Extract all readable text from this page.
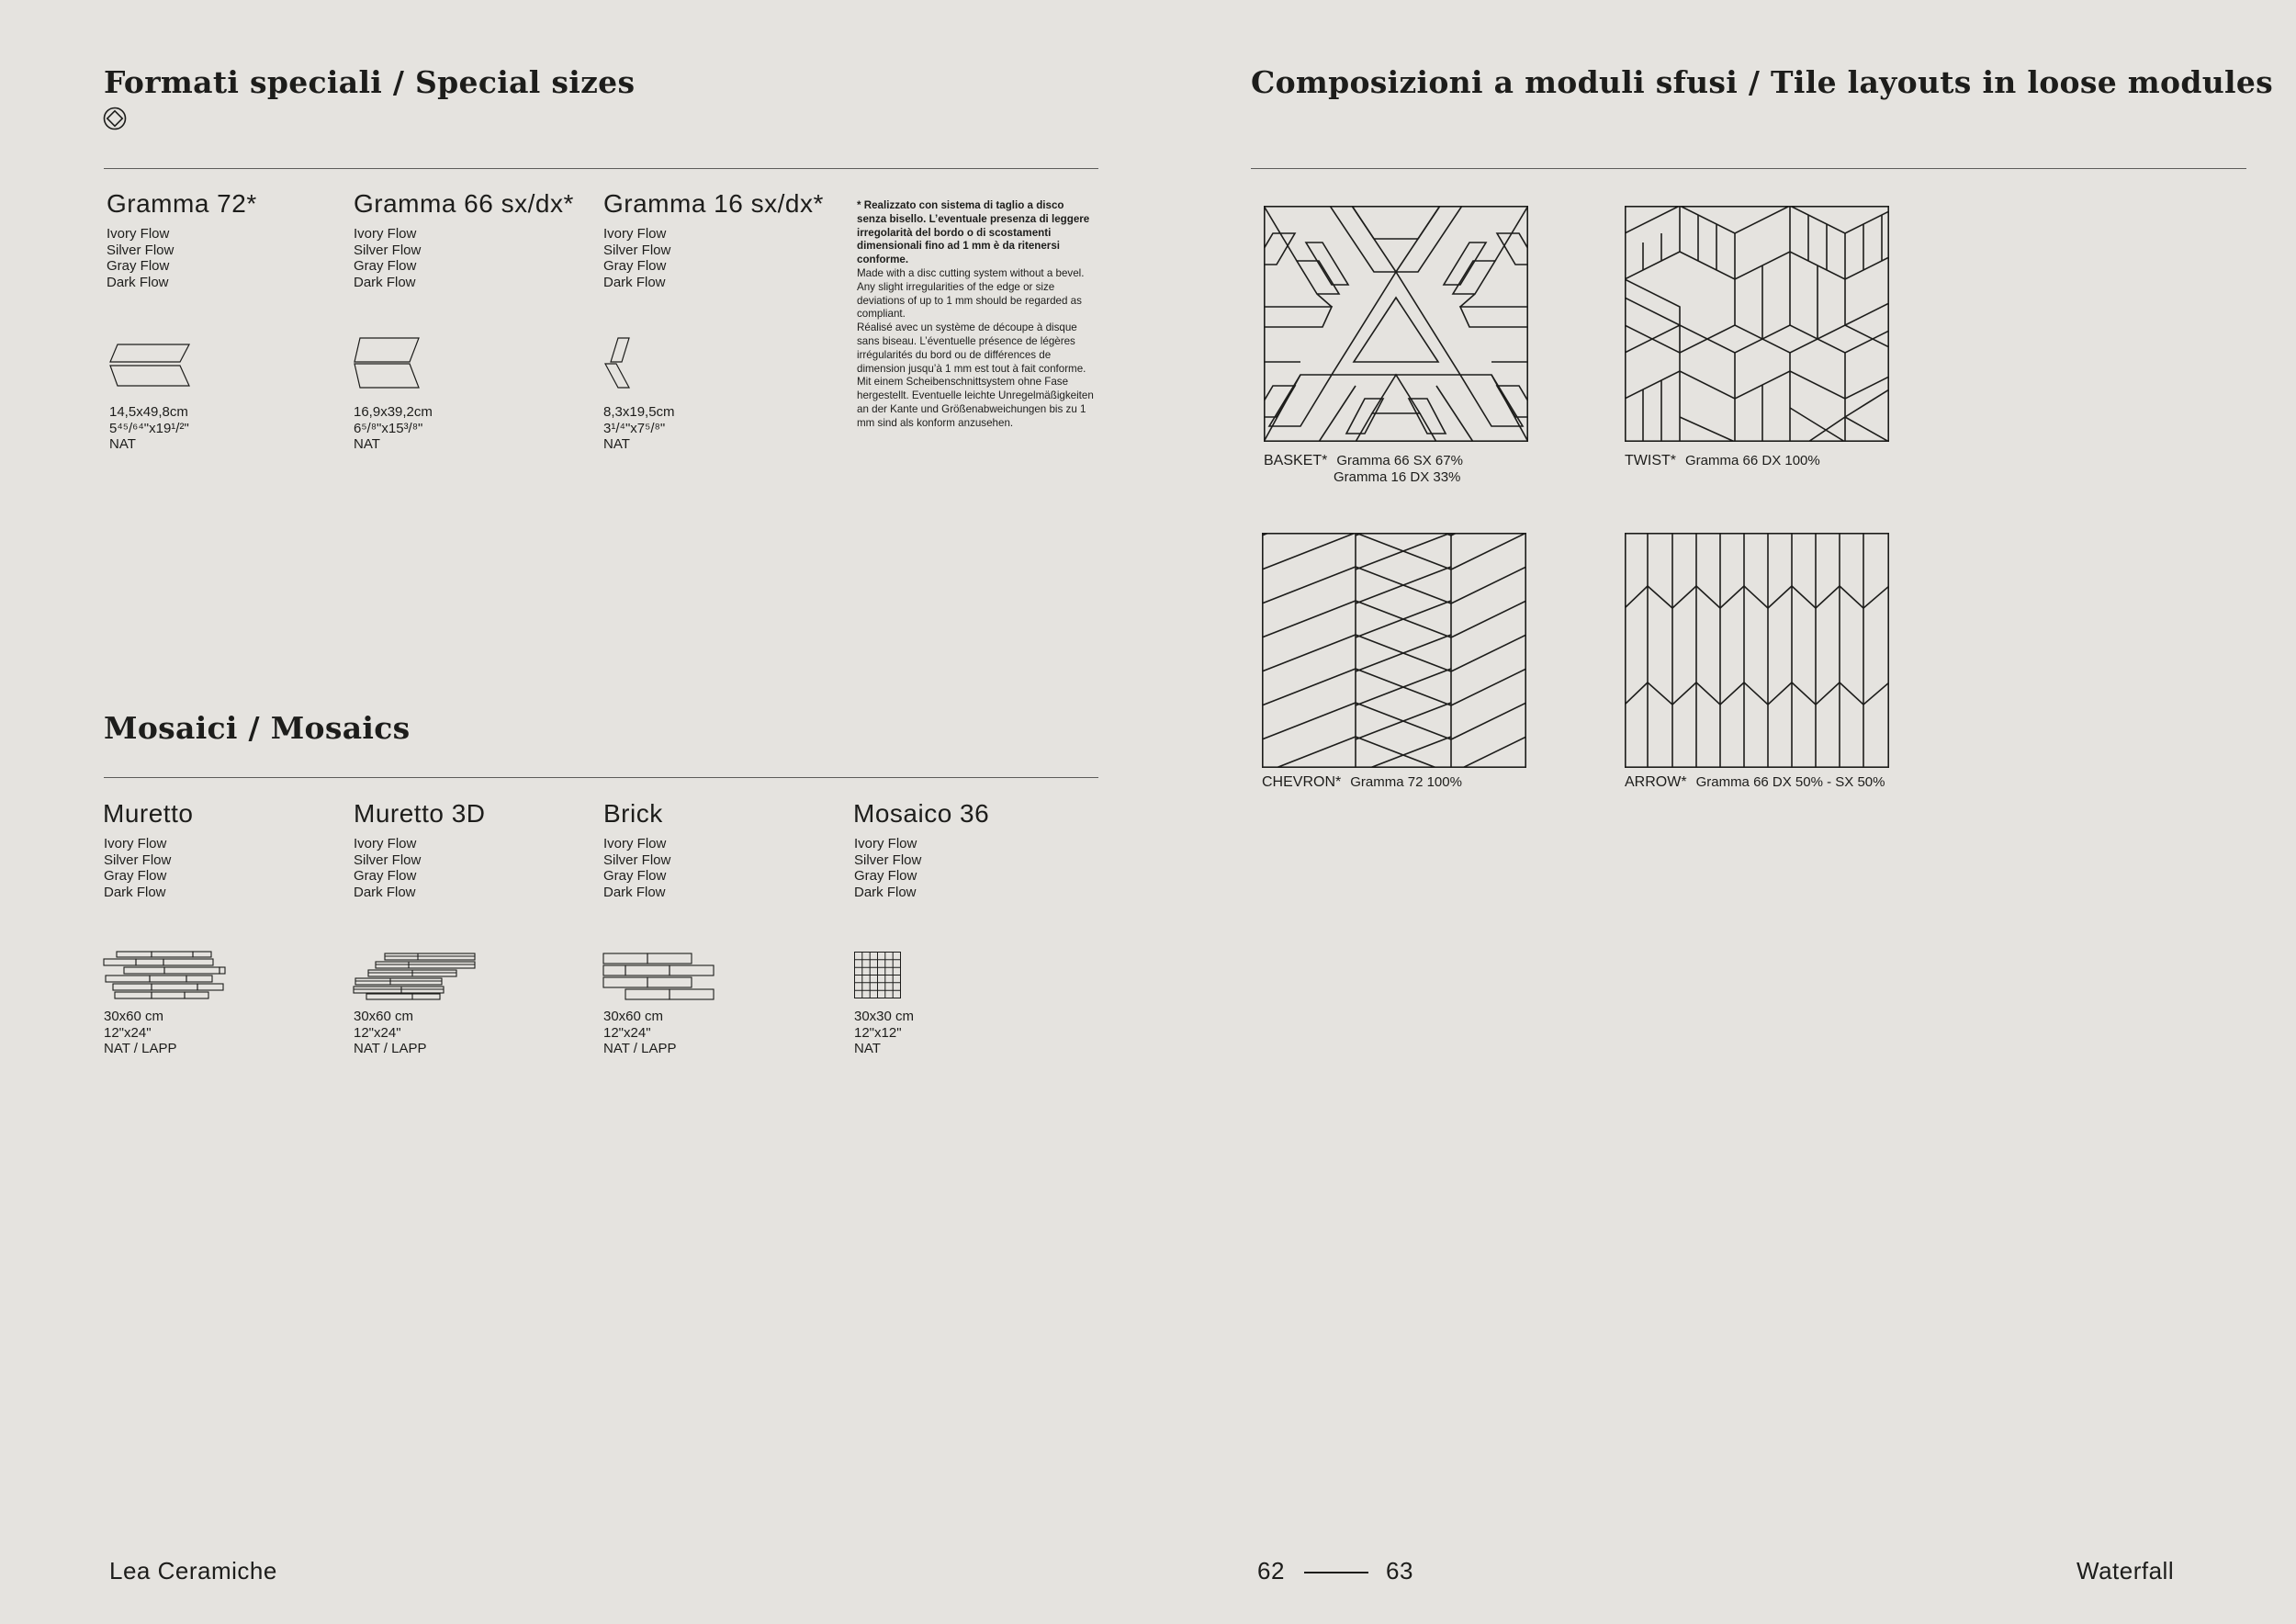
Formati speciali / Special sizes
Gramma 72*
Ivory Flow
Silver Flow
Gray Flow
Dark Flow
14,5x49,8cm
5⁴⁵/⁶⁴"x19¹/²"
NAT
Gramma 66 sx/dx*
Ivory Flow
Silver Flow
Gray Flow
Dark Flow
16,9x39,2cm
6⁵/⁸"x15³/⁸"
NAT
Gramma 16 sx/dx*
Ivory Flow
Silver Flow
Gray Flow
Dark Flow
8,3x19,5cm
3¹/⁴"x7⁵/⁸"
NAT
* Realizzato con sistema di taglio a disco senza bisello. L’eventuale presenza di leggere irregolarità del bordo o di scostamenti dimensionali fino ad 1 mm è da ritenersi conforme.
Made with a disc cutting system without a bevel. Any slight irregularities of the edge or size deviations of up to 1 mm should be regarded as compliant.
Réalisé avec un système de découpe à disque sans biseau. L’éventuelle présence de légères irrégularités du bord ou de différences de dimension jusqu’à 1 mm est tout à fait conforme.
Mit einem Scheibenschnittsystem ohne Fase hergestellt. Eventuelle leichte Unregelmäßigkeiten an der Kante und Größenabweichungen bis zu 1 mm sind als konform anzusehen.
Mosaici / Mosaics
Muretto
Ivory Flow
Silver Flow
Gray Flow
Dark Flow
30x60 cm
12"x24"
NAT / LAPP
Muretto 3D
Ivory Flow
Silver Flow
Gray Flow
Dark Flow
30x60 cm
12"x24"
NAT / LAPP
Brick
Ivory Flow
Silver Flow
Gray Flow
Dark Flow
30x60 cm
12"x24"
NAT / LAPP
Mosaico 36
Ivory Flow
Silver Flow
Gray Flow
Dark Flow
30x30 cm
12"x12"
NAT
Lea Ceramiche
Composizioni a moduli sfusi / Tile layouts in loose modules
BASKET* Gramma 66 SX 67%
Gramma 16 DX 33%
TWIST* Gramma 66 DX 100%
CHEVRON* Gramma 72 100%	ARROW* Gramma 66 DX 50% - SX 50%
62	63	Waterfall
